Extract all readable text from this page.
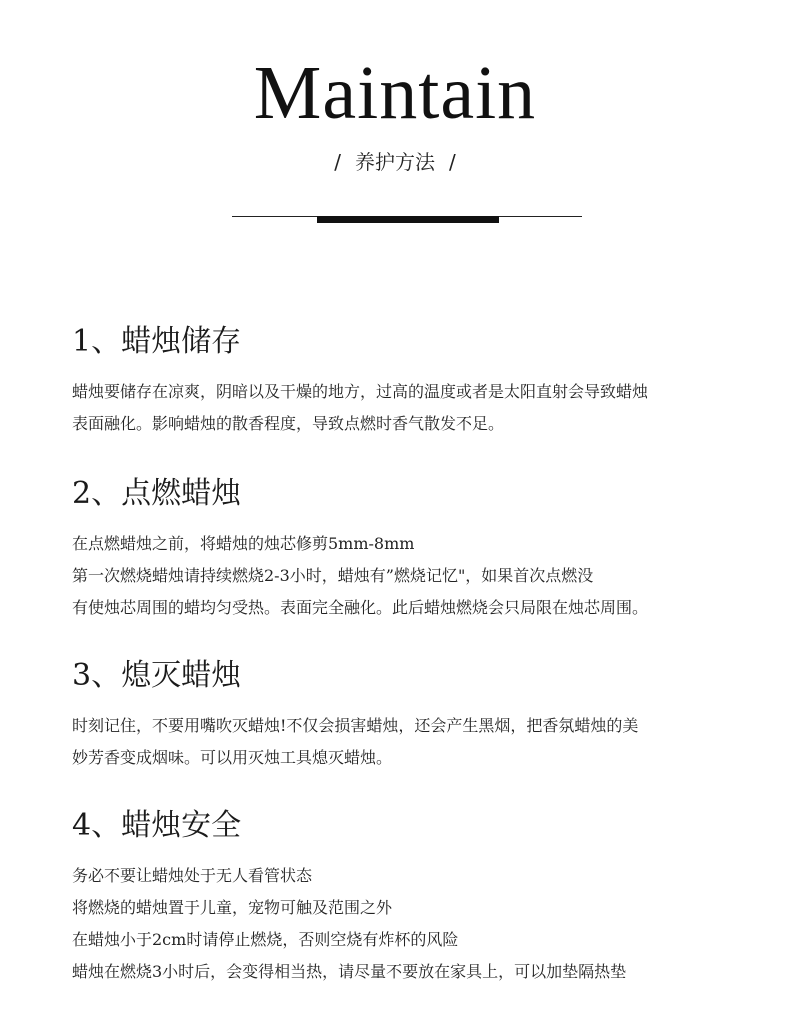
Maintain
/ 养护方法 /
1、蜡烛储存

蜡烛要储存在凉爽，阴暗以及干燥的地方，过高的温度或者是太阳直射会导致蜡烛

表面融化。影响蜡烛的散香程度，导致点燃时香气散发不足。

2、点燃蜡烛

在点燃蜡烛之前，将蜡烛的烛芯修剪5mm-8mm

第一次燃烧蜡烛请持续燃烧2-3小时，蜡烛有”燃烧记忆"，如果首次点燃没

有使烛芯周围的蜡均匀受热。表面完全融化。此后蜡烛燃烧会只局限在烛芯周围。

3、熄灭蜡烛

时刻记住，不要用嘴吹灭蜡烛!不仅会损害蜡烛，还会产生黑烟，把香氛蜡烛的美

妙芳香变成烟味。可以用灭烛工具熄灭蜡烛。

4、蜡烛安全

务必不要让蜡烛处于无人看管状态

将燃烧的蜡烛置于儿童，宠物可触及范围之外

在蜡烛小于2cm时请停止燃烧，否则空烧有炸杯的风险

蜡烛在燃烧3小时后，会变得相当热，请尽量不要放在家具上，可以加垫隔热垫
